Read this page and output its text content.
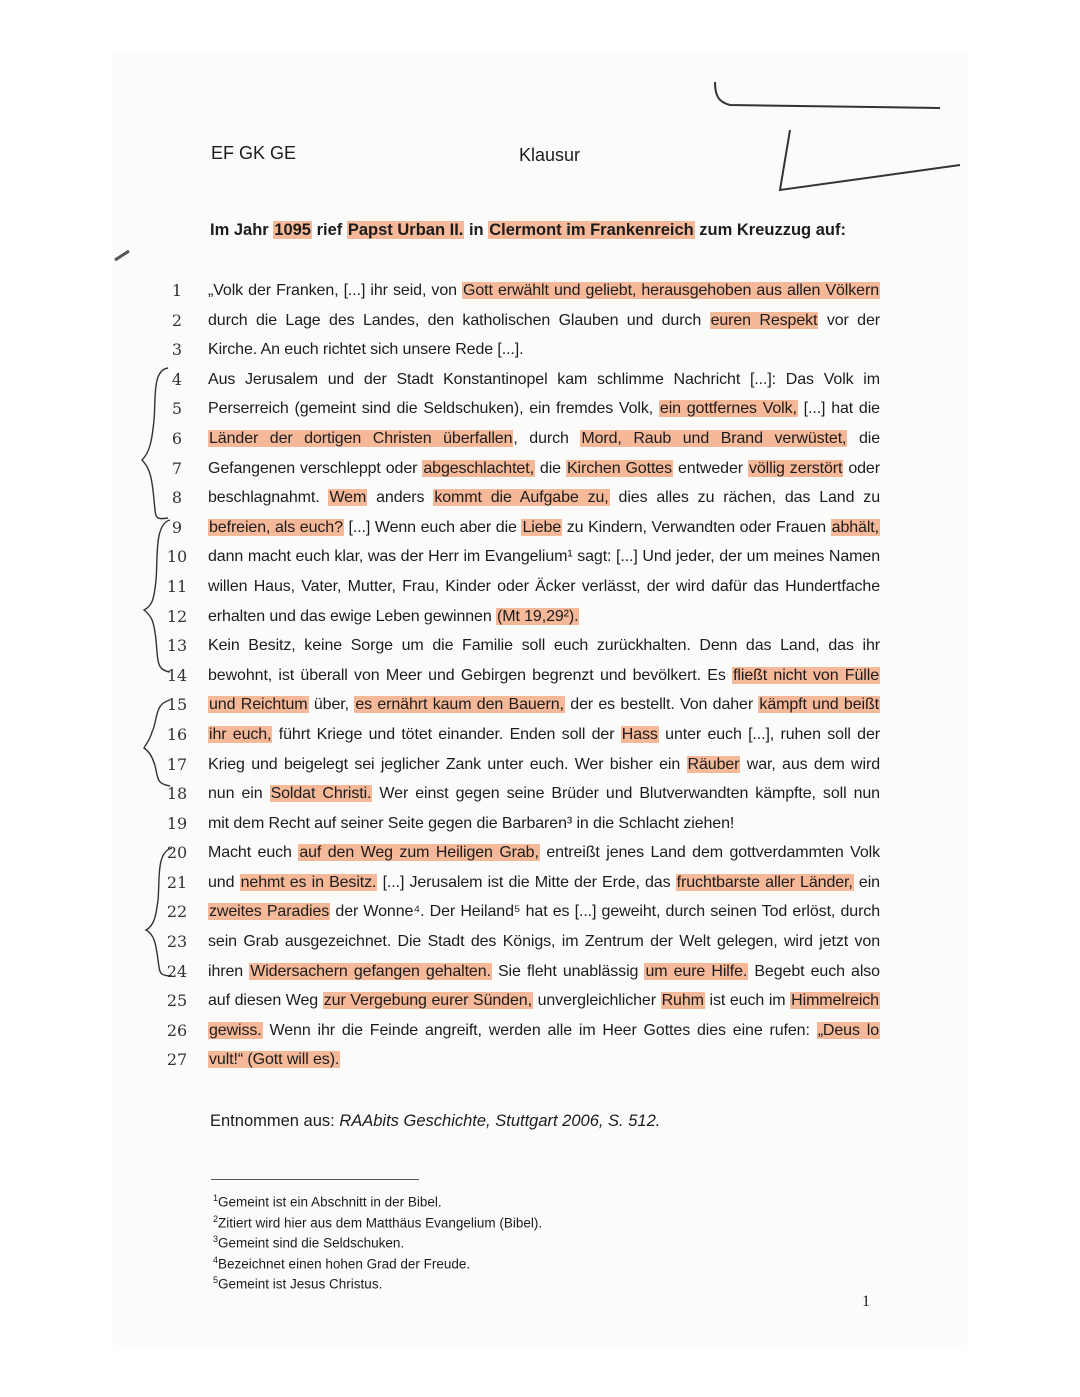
EF GK GE	Klausur
Im Jahr 1095 rief Papst Urban II. in Clermont im Frankenreich zum Kreuzzug auf:
1	„Volk der Franken, [...] ihr seid, von Gott erwählt und geliebt, herausgehoben aus allen Völkern
2	durch die Lage des Landes, den katholischen Glauben und durch euren Respekt vor der
3	Kirche. An euch richtet sich unsere Rede [...].
4	Aus Jerusalem und der Stadt Konstantinopel kam schlimme Nachricht [...]: Das Volk im
5	Perserreich (gemeint sind die Seldschuken), ein fremdes Volk, ein gottfernes Volk, [...] hat die
6	Länder der dortigen Christen überfallen, durch Mord, Raub und Brand verwüstet, die
7	Gefangenen verschleppt oder abgeschlachtet, die Kirchen Gottes entweder völlig zerstört oder
8	beschlagnahmt. Wem anders kommt die Aufgabe zu, dies alles zu rächen, das Land zu
9	befreien, als euch? [...] Wenn euch aber die Liebe zu Kindern, Verwandten oder Frauen abhält,
10	dann macht euch klar, was der Herr im Evangelium¹ sagt: [...] Und jeder, der um meines Namen
11	willen Haus, Vater, Mutter, Frau, Kinder oder Äcker verlässt, der wird dafür das Hundertfache
12	erhalten und das ewige Leben gewinnen (Mt 19,29²).
13	Kein Besitz, keine Sorge um die Familie soll euch zurückhalten. Denn das Land, das ihr
14	bewohnt, ist überall von Meer und Gebirgen begrenzt und bevölkert. Es fließt nicht von Fülle
15	und Reichtum über, es ernährt kaum den Bauern, der es bestellt. Von daher kämpft und beißt
16	ihr euch, führt Kriege und tötet einander. Enden soll der Hass unter euch [...], ruhen soll der
17	Krieg und beigelegt sei jeglicher Zank unter euch. Wer bisher ein Räuber war, aus dem wird
18	nun ein Soldat Christi. Wer einst gegen seine Brüder und Blutverwandten kämpfte, soll nun
19	mit dem Recht auf seiner Seite gegen die Barbaren³ in die Schlacht ziehen!
20	Macht euch auf den Weg zum Heiligen Grab, entreißt jenes Land dem gottverdammten Volk
21	und nehmt es in Besitz. [...] Jerusalem ist die Mitte der Erde, das fruchtbarste aller Länder, ein
22	zweites Paradies der Wonne⁴. Der Heiland⁵ hat es [...] geweiht, durch seinen Tod erlöst, durch
23	sein Grab ausgezeichnet. Die Stadt des Königs, im Zentrum der Welt gelegen, wird jetzt von
24	ihren Widersachern gefangen gehalten. Sie fleht unablässig um eure Hilfe. Begebt euch also
25	auf diesen Weg zur Vergebung eurer Sünden, unvergleichlicher Ruhm ist euch im Himmelreich
26	gewiss. Wenn ihr die Feinde angreift, werden alle im Heer Gottes dies eine rufen: „Deus lo
27	vult!“ (Gott will es).
Entnommen aus: RAAbits Geschichte, Stuttgart 2006, S. 512.
$^1$Gemeint ist ein Abschnitt in der Bibel.
$^2$Zitiert wird hier aus dem Matthäus Evangelium (Bibel).
$^3$Gemeint sind die Seldschuken.
$^4$Bezeichnet einen hohen Grad der Freude.
$^5$Gemeint ist Jesus Christus.
1
